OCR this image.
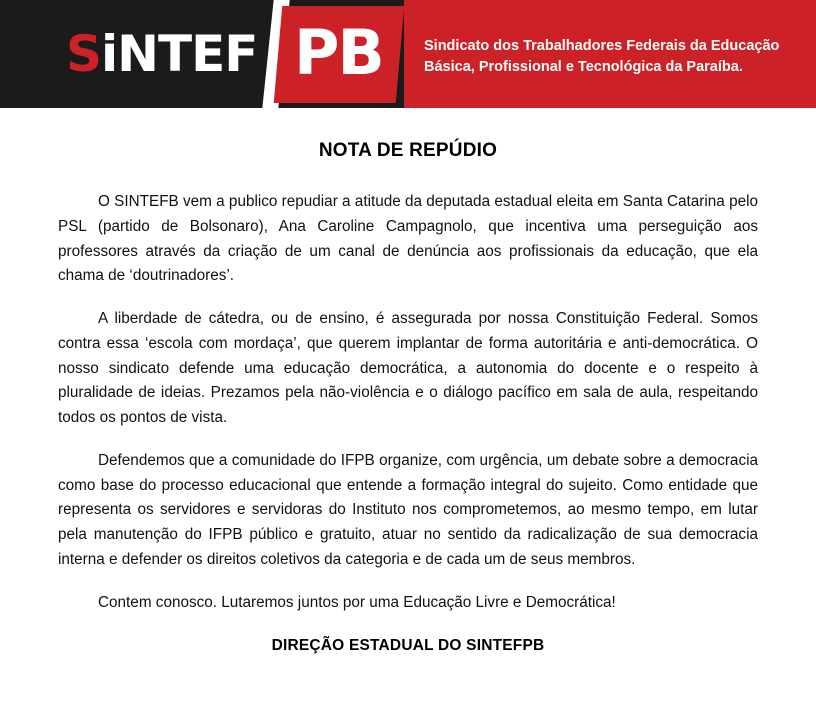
SiNTEF PB	Sindicato dos Trabalhadores Federais da Educação
Básica, Profissional e Tecnológica da Paraíba.
NOTA DE REPÚDIO

O SINTEFB vem a publico repudiar a atitude da deputada estadual eleita em Santa Catarina pelo PSL (partido de Bolsonaro), Ana Caroline Campagnolo, que incentiva uma perseguição aos professores através da criação de um canal de denúncia aos profissionais da educação, que ela chama de ‘doutrinadores’.

A liberdade de cátedra, ou de ensino, é assegurada por nossa Constituição Federal. Somos contra essa ‘escola com mordaça’, que querem implantar de forma autoritária e anti-democrática. O nosso sindicato defende uma educação democrática, a autonomia do docente e o respeito à pluralidade de ideias. Prezamos pela não-violência e o diálogo pacífico em sala de aula, respeitando todos os pontos de vista.

Defendemos que a comunidade do IFPB organize, com urgência, um debate sobre a democracia como base do processo educacional que entende a formação integral do sujeito. Como entidade que representa os servidores e servidoras do Instituto nos comprometemos, ao mesmo tempo, em lutar pela manutenção do IFPB público e gratuito, atuar no sentido da radicalização de sua democracia interna e defender os direitos coletivos da categoria e de cada um de seus membros.

Contem conosco. Lutaremos juntos por uma Educação Livre e Democrática!

DIREÇÃO ESTADUAL DO SINTEFPB
